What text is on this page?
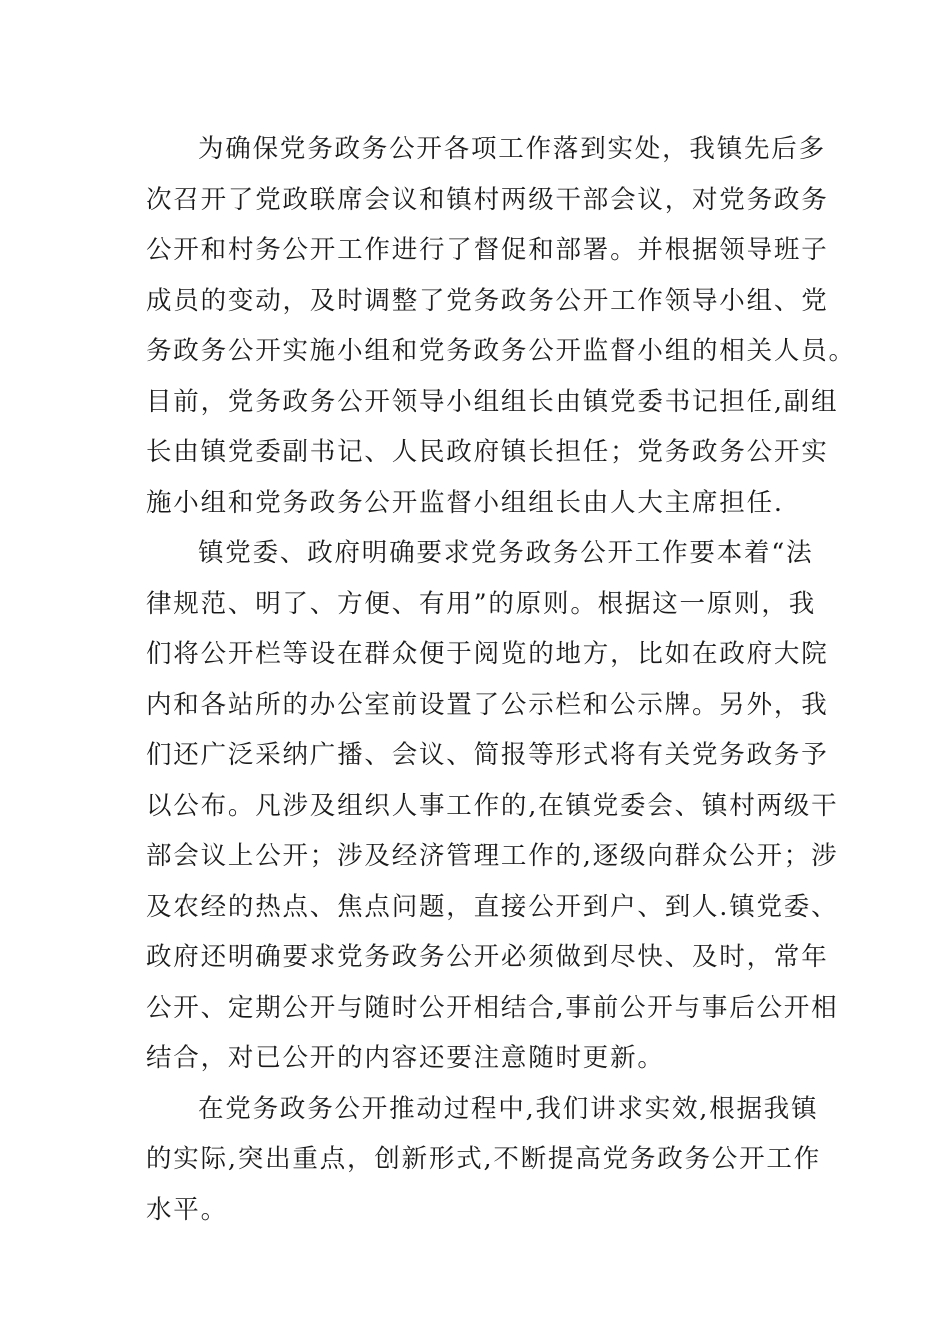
为确保党务政务公开各项工作落到实处，我镇先后多
次召开了党政联席会议和镇村两级干部会议，对党务政务
公开和村务公开工作进行了督促和部署。并根据领导班子
成员的变动，及时调整了党务政务公开工作领导小组、党
务政务公开实施小组和党务政务公开监督小组的相关人员。
目前，党务政务公开领导小组组长由镇党委书记担任,副组
长由镇党委副书记、人民政府镇长担任；党务政务公开实
施小组和党务政务公开监督小组组长由人大主席担任.

镇党委、政府明确要求党务政务公开工作要本着“法
律规范、明了、方便、有用”的原则。根据这一原则，我
们将公开栏等设在群众便于阅览的地方，比如在政府大院
内和各站所的办公室前设置了公示栏和公示牌。另外，我
们还广泛采纳广播、会议、简报等形式将有关党务政务予
以公布。凡涉及组织人事工作的,在镇党委会、镇村两级干
部会议上公开；涉及经济管理工作的,逐级向群众公开；涉
及农经的热点、焦点问题，直接公开到户、到人.镇党委、
政府还明确要求党务政务公开必须做到尽快、及时，常年
公开、定期公开与随时公开相结合,事前公开与事后公开相
结合，对已公开的内容还要注意随时更新。

在党务政务公开推动过程中,我们讲求实效,根据我镇
的实际,突出重点，创新形式,不断提高党务政务公开工作
水平。
